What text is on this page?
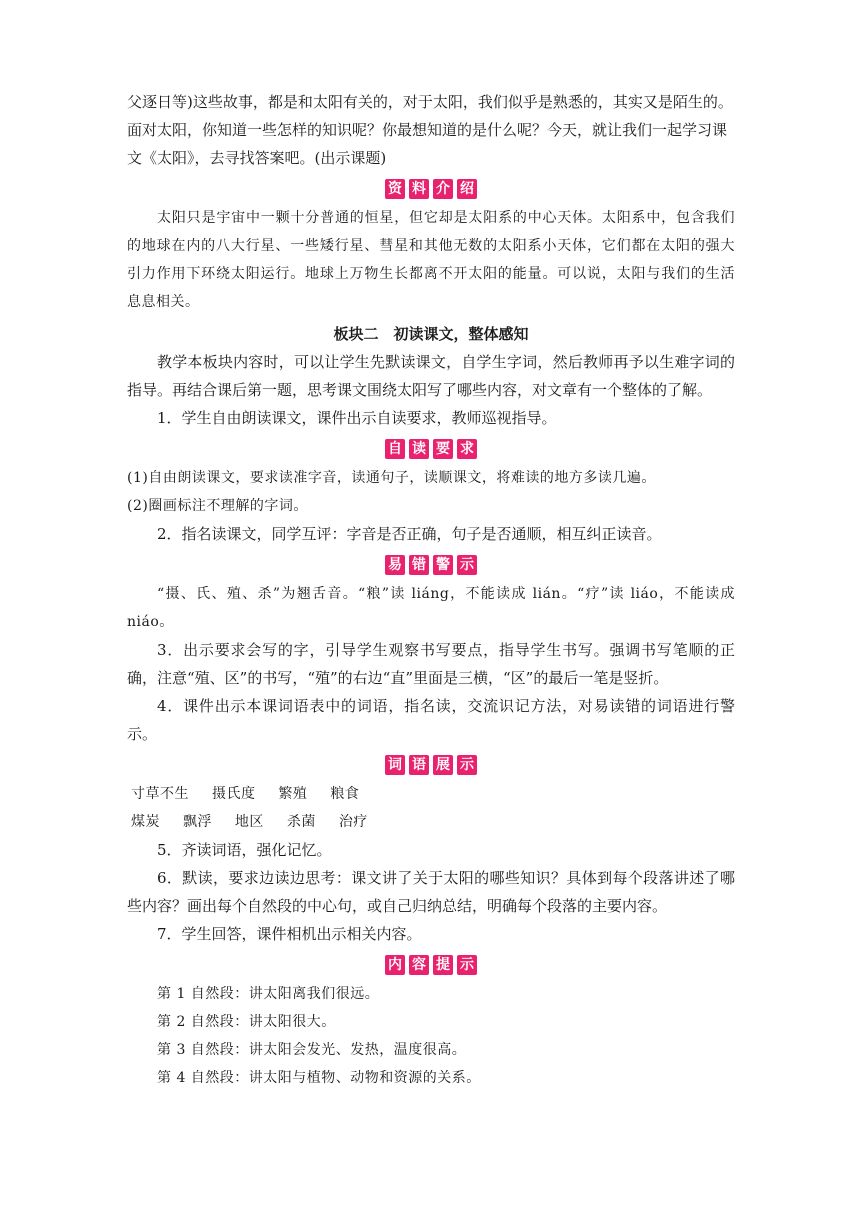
父逐日等)这些故事，都是和太阳有关的，对于太阳，我们似乎是熟悉的，其实又是陌生的。

面对太阳，你知道一些怎样的知识呢？你最想知道的是什么呢？今天，就让我们一起学习课

文《太阳》，去寻找答案吧。(出示课题)

资 料 介 绍

太阳只是宇宙中一颗十分普通的恒星，但它却是太阳系的中心天体。太阳系中，包含我们的地球在内的八大行星、一些矮行星、彗星和其他无数的太阳系小天体，它们都在太阳的强大引力作用下环绕太阳运行。地球上万物生长都离不开太阳的能量。可以说，太阳与我们的生活息息相关。

板块二　初读课文，整体感知

教学本板块内容时，可以让学生先默读课文，自学生字词，然后教师再予以生难字词的指导。再结合课后第一题，思考课文围绕太阳写了哪些内容，对文章有一个整体的了解。

1．学生自由朗读课文，课件出示自读要求，教师巡视指导。

自 读 要 求

(1)自由朗读课文，要求读准字音，读通句子，读顺课文，将难读的地方多读几遍。

(2)圈画标注不理解的字词。

2．指名读课文，同学互评：字音是否正确，句子是否通顺，相互纠正读音。

易 错 警 示

“摄、氏、殖、杀”为翘舌音。“粮”读 liáng，不能读成 lián。“疗”读 liáo，不能读成 niáo。

3．出示要求会写的字，引导学生观察书写要点，指导学生书写。强调书写笔顺的正确，注意“殖、区”的书写，“殖”的右边“直”里面是三横，“区”的最后一笔是竖折。

4．课件出示本课词语表中的词语，指名读，交流识记方法，对易读错的词语进行警示。

词 语 展 示

寸草不生 摄氏度 繁殖 粮食

煤炭 飘浮 地区 杀菌 治疗

5．齐读词语，强化记忆。

6．默读，要求边读边思考：课文讲了关于太阳的哪些知识？具体到每个段落讲述了哪些内容？画出每个自然段的中心句，或自己归纳总结，明确每个段落的主要内容。

7．学生回答，课件相机出示相关内容。

内 容 提 示

第 1 自然段：讲太阳离我们很远。

第 2 自然段：讲太阳很大。

第 3 自然段：讲太阳会发光、发热，温度很高。

第 4 自然段：讲太阳与植物、动物和资源的关系。
